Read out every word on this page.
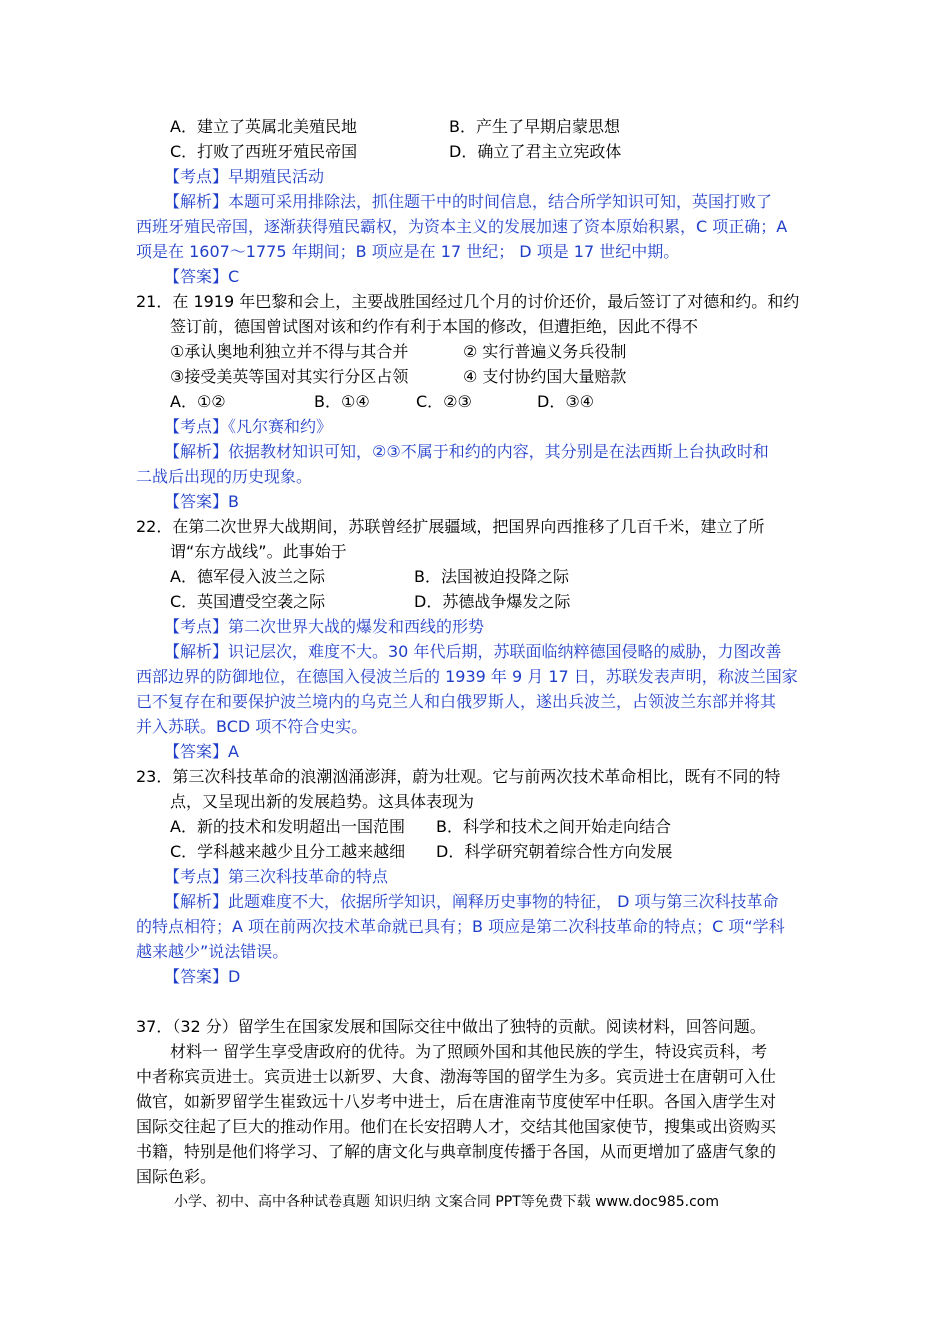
A．建立了英属北美殖民地	B．产生了早期启蒙思想
C．打败了西班牙殖民帝国	D．确立了君主立宪政体
【考点】早期殖民活动
【解析】本题可采用排除法，抓住题干中的时间信息，结合所学知识可知，英国打败了
西班牙殖民帝国，逐渐获得殖民霸权，为资本主义的发展加速了资本原始积累，C 项正确；A
项是在 1607～1775 年期间；B 项应是在 17 世纪； D 项是 17 世纪中期。
【答案】C
21．在 1919 年巴黎和会上，主要战胜国经过几个月的讨价还价，最后签订了对德和约。和约
签订前，德国曾试图对该和约作有利于本国的修改，但遭拒绝，因此不得不
①承认奥地利独立并不得与其合并	② 实行普遍义务兵役制
③接受美英等国对其实行分区占领	④ 支付协约国大量赔款
A．①②	B．①④	C．②③	D．③④
【考点】《凡尔赛和约》
【解析】依据教材知识可知，②③不属于和约的内容，其分别是在法西斯上台执政时和
二战后出现的历史现象。
【答案】B
22．在第二次世界大战期间，苏联曾经扩展疆域，把国界向西推移了几百千米，建立了所
谓“东方战线”。此事始于
A．德军侵入波兰之际	B．法国被迫投降之际
C．英国遭受空袭之际	D．苏德战争爆发之际
【考点】第二次世界大战的爆发和西线的形势
【解析】识记层次，难度不大。30 年代后期，苏联面临纳粹德国侵略的威胁，力图改善
西部边界的防御地位，在德国入侵波兰后的 1939 年 9 月 17 日，苏联发表声明，称波兰国家
已不复存在和要保护波兰境内的乌克兰人和白俄罗斯人，遂出兵波兰，占领波兰东部并将其
并入苏联。BCD 项不符合史实。
【答案】A
23．第三次科技革命的浪潮汹涌澎湃，蔚为壮观。它与前两次技术革命相比，既有不同的特
点，又呈现出新的发展趋势。这具体表现为
A．新的技术和发明超出一国范围 B．科学和技术之间开始走向结合
C．学科越来越少且分工越来越细 D．科学研究朝着综合性方向发展
【考点】第三次科技革命的特点
【解析】此题难度不大，依据所学知识，阐释历史事物的特征， D 项与第三次科技革命
的特点相符；A 项在前两次技术革命就已具有；B 项应是第二次科技革命的特点；C 项“学科
越来越少”说法错误。
【答案】D
37．（32 分）留学生在国家发展和国际交往中做出了独特的贡献。阅读材料，回答问题。
材料一 留学生享受唐政府的优待。为了照顾外国和其他民族的学生，特设宾贡科，考
中者称宾贡进士。宾贡进士以新罗、大食、渤海等国的留学生为多。宾贡进士在唐朝可入仕
做官，如新罗留学生崔致远十八岁考中进士，后在唐淮南节度使军中任职。各国入唐学生对
国际交往起了巨大的推动作用。他们在长安招聘人才，交结其他国家使节，搜集或出资购买
书籍，特别是他们将学习、了解的唐文化与典章制度传播于各国，从而更增加了盛唐气象的
国际色彩。
小学、初中、高中各种试卷真题 知识归纳 文案合同 PPT等免费下载 www.doc985.com
